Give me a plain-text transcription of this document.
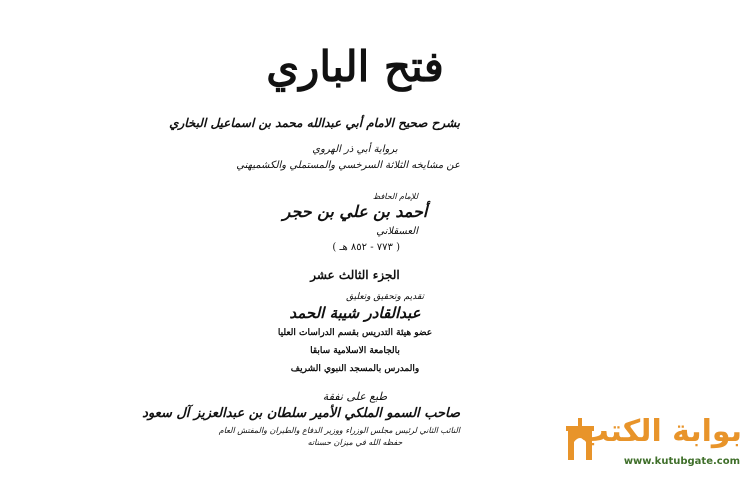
فتح الباري
بشرح صحيح الامام أبي عبدالله محمد بن اسماعيل البخاري
برواية أبي ذر الهروي
عن مشايخه الثلاثة السرخسي والمستملي والكشميهني
للإمام الحافظ
أحمد بن علي بن حجر
العسقلاني
( ٧٧٣ - ٨٥٢ هـ )
الجزء الثالث عشر
تقديم وتحقيق وتعليق
عبدالقادر شيبة الحمد
عضو هيئة التدريس بقسم الدراسات العليا
بالجامعة الاسلامية سابقا
والمدرس بالمسجد النبوي الشريف
طبع على نفقة
صاحب السمو الملكي الأمير سلطان بن عبدالعزيز آل سعود
النائب الثاني لرئيس مجلس الوزراء ووزير الدفاع والطيران والمفتش العام
حفظه الله في ميزان حسناته	بوابة الكتب
www.kutubgate.com
